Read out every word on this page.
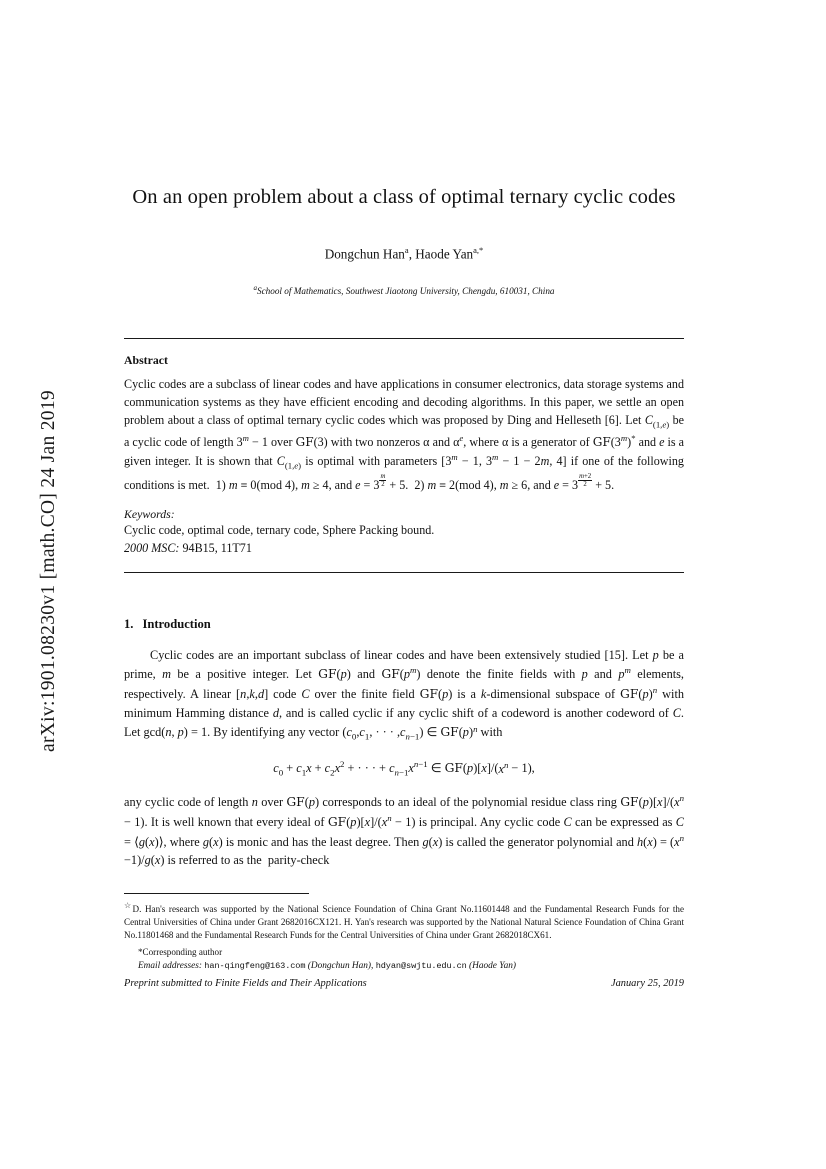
arXiv:1901.08230v1 [math.CO] 24 Jan 2019
On an open problem about a class of optimal ternary cyclic codes
Dongchun Han$^a$, Haode Yan$^{a,*}$
$^a$School of Mathematics, Southwest Jiaotong University, Chengdu, 610031, China
Abstract
Cyclic codes are a subclass of linear codes and have applications in consumer electronics, data storage systems and communication systems as they have efficient encoding and decoding algorithms. In this paper, we settle an open problem about a class of optimal ternary cyclic codes which was proposed by Ding and Helleseth [6]. Let $C_{(1,e)}$ be a cyclic code of length $3^m - 1$ over GF(3) with two nonzeros α and $\alpha^e$, where α is a generator of GF(3$^m$)* and e is a given integer. It is shown that $C_{(1,e)}$ is optimal with parameters [$3^m - 1$, $3^m - 1 - 2m$, 4] if one of the following conditions is met.  1) m ≡ 0(mod 4), m ≥ 4, and e = 3 $^{\frac{m}{2}}$ + 5.  2) m ≡ 2(mod 4), m ≥ 6, and e = 3 $^{\frac{m+2}{2}}$ + 5.
Keywords:
Cyclic code, optimal code, ternary code, Sphere Packing bound.
2000 MSC: 94B15, 11T71
1. Introduction
Cyclic codes are an important subclass of linear codes and have been extensively studied [15]. Let p be a prime, m be a positive integer. Let GF(p) and $GF(p^m)$ denote the finite fields with p and $p^m$ elements, respectively. A linear [n,k,d] code C over the finite field GF(p) is a k-dimensional subspace of $GF(p)^n$ with minimum Hamming distance d, and is called cyclic if any cyclic shift of a codeword is another codeword of C. Let gcd(n, p) = 1. By identifying any vector ($c_0,c_1$, · · · $,c_{n-1}$) ∈ $GF(p)^n$ with
$c_0 + c_1x + c_2x^2$ + · · · + $c_{n-1}x^{n-1}$ ∈ $GF(p)[x]/(x^n - 1)$,
any cyclic code of length n over GF(p) corresponds to an ideal of the polynomial residue class ring $GF(p)[x]/(x^n - 1)$. It is well known that every ideal of $GF(p)[x]/(x^n - 1)$ is principal. Any cyclic code C can be expressed as C = ⟨g(x)⟩, where g(x) is monic and has the least degree. Then g(x) is called the generator polynomial and $h(x) = (x^n -1)/g(x)$ is referred to as the  parity-check
☆D. Han's research was supported by the National Science Foundation of China Grant No.11601448 and the Fundamental Research Funds for the Central Universities of China under Grant 2682016CX121. H. Yan's research was supported by the National Natural Science Foundation of China Grant No.11801468 and the Fundamental Research Funds for the Central Universities of China under Grant 2682018CX61.
*Corresponding author
Email addresses: han-qingfeng@163.com (Dongchun Han), hdyan@swjtu.edu.cn (Haode Yan)
Preprint submitted to Finite Fields and Their Applications	January 25, 2019
